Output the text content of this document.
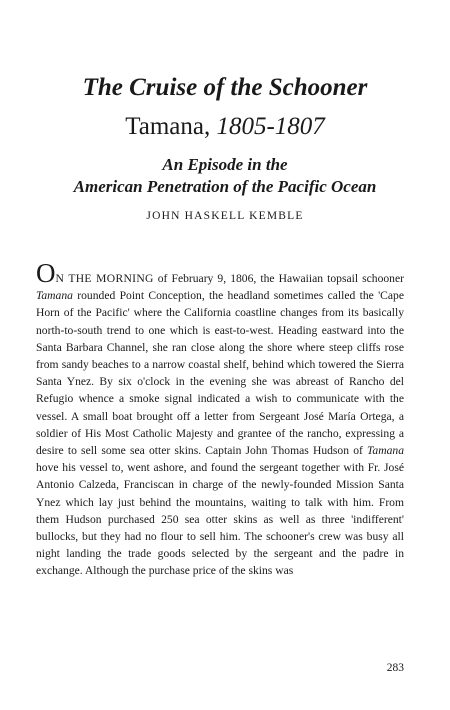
The Cruise of the Schooner
Tamana, 1805-1807
An Episode in the
American Penetration of the Pacific Ocean

JOHN HASKELL KEMBLE

ON THE MORNING of February 9, 1806, the Hawaiian topsail schooner Tamana rounded Point Conception, the headland sometimes called the 'Cape Horn of the Pacific' where the California coastline changes from its basically north-to-south trend to one which is east-to-west. Heading eastward into the Santa Barbara Channel, she ran close along the shore where steep cliffs rose from sandy beaches to a narrow coastal shelf, behind which towered the Sierra Santa Ynez. By six o'clock in the evening she was abreast of Rancho del Refugio whence a smoke signal indicated a wish to communicate with the vessel. A small boat brought off a letter from Sergeant José María Ortega, a soldier of His Most Catholic Majesty and grantee of the rancho, expressing a desire to sell some sea otter skins. Captain John Thomas Hudson of Tamana hove his vessel to, went ashore, and found the sergeant together with Fr. José Antonio Calzeda, Franciscan in charge of the newly-founded Mission Santa Ynez which lay just behind the mountains, waiting to talk with him. From them Hudson purchased 250 sea otter skins as well as three 'indifferent' bullocks, but they had no flour to sell him. The schooner's crew was busy all night landing the trade goods selected by the sergeant and the padre in exchange. Although the purchase price of the skins was

283
